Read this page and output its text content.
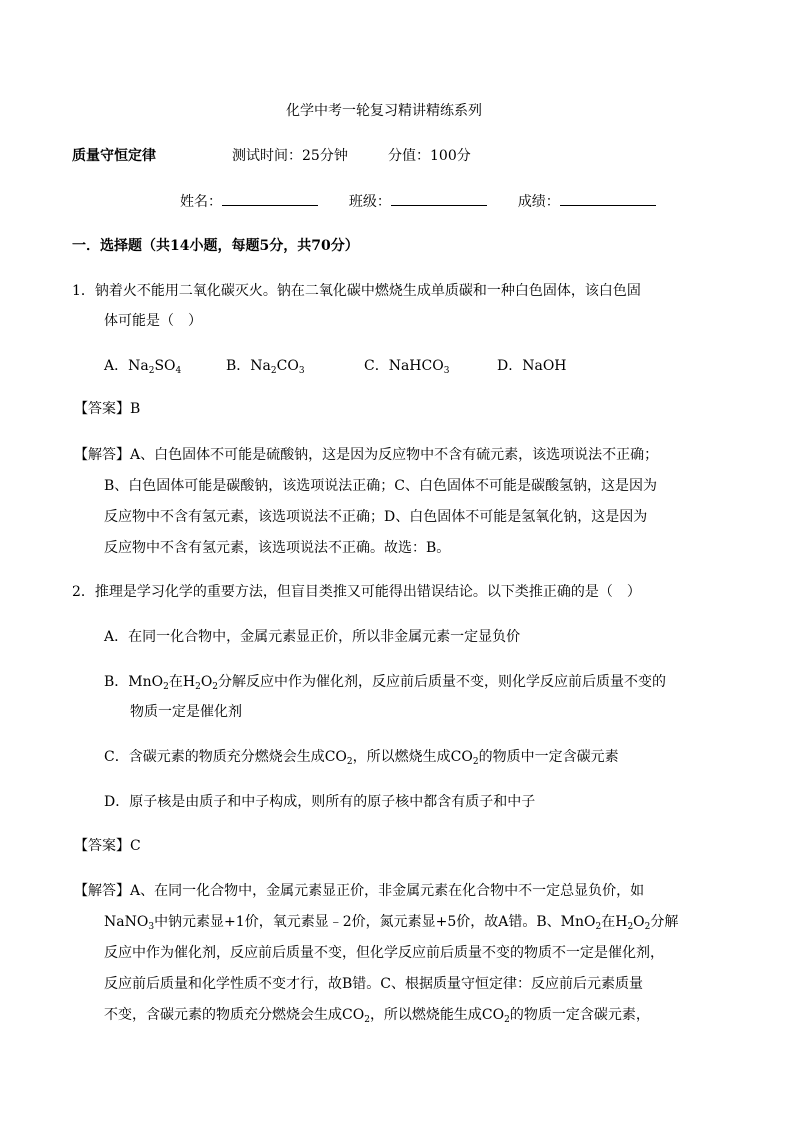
化学中考一轮复习精讲精练系列
质量守恒定律	测试时间：25分钟	分值：100分
姓名：	班级：	成绩：
一．选择题（共14小题，每题5分，共70分）
1．钠着火不能用二氧化碳灭火。钠在二氧化碳中燃烧生成单质碳和一种白色固体，该白色固
体可能是（　）
A．$Na_2SO_4$	B．$Na_2CO_3$	C．NaHCO$_3$	D．NaOH
【答案】B
【解答】A、白色固体不可能是硫酸钠，这是因为反应物中不含有硫元素，该选项说法不正确；
B、白色固体可能是碳酸钠，该选项说法正确；C、白色固体不可能是碳酸氢钠，这是因为
反应物中不含有氢元素，该选项说法不正确；D、白色固体不可能是氢氧化钠，这是因为
反应物中不含有氢元素，该选项说法不正确。故选：B。
2．推理是学习化学的重要方法，但盲目类推又可能得出错误结论。以下类推正确的是（　）
A．在同一化合物中，金属元素显正价，所以非金属元素一定显负价
B．MnO$_2$在$H_2O_2$分解反应中作为催化剂，反应前后质量不变，则化学反应前后质量不变的
物质一定是催化剂
C．含碳元素的物质充分燃烧会生成$CO_2$，所以燃烧生成$CO_2$的物质中一定含碳元素
D．原子核是由质子和中子构成，则所有的原子核中都含有质子和中子
【答案】C
【解答】A、在同一化合物中，金属元素显正价，非金属元素在化合物中不一定总显负价，如
NaNO$_3$中钠元素显+1价，氧元素显﹣2价，氮元素显+5价，故A错。B、MnO$_2$在$H_2O_2$分解
反应中作为催化剂，反应前后质量不变，但化学反应前后质量不变的物质不一定是催化剂，
反应前后质量和化学性质不变才行，故B错。C、根据质量守恒定律：反应前后元素质量
不变，含碳元素的物质充分燃烧会生成$CO_2$，所以燃烧能生成$CO_2$的物质一定含碳元素，
